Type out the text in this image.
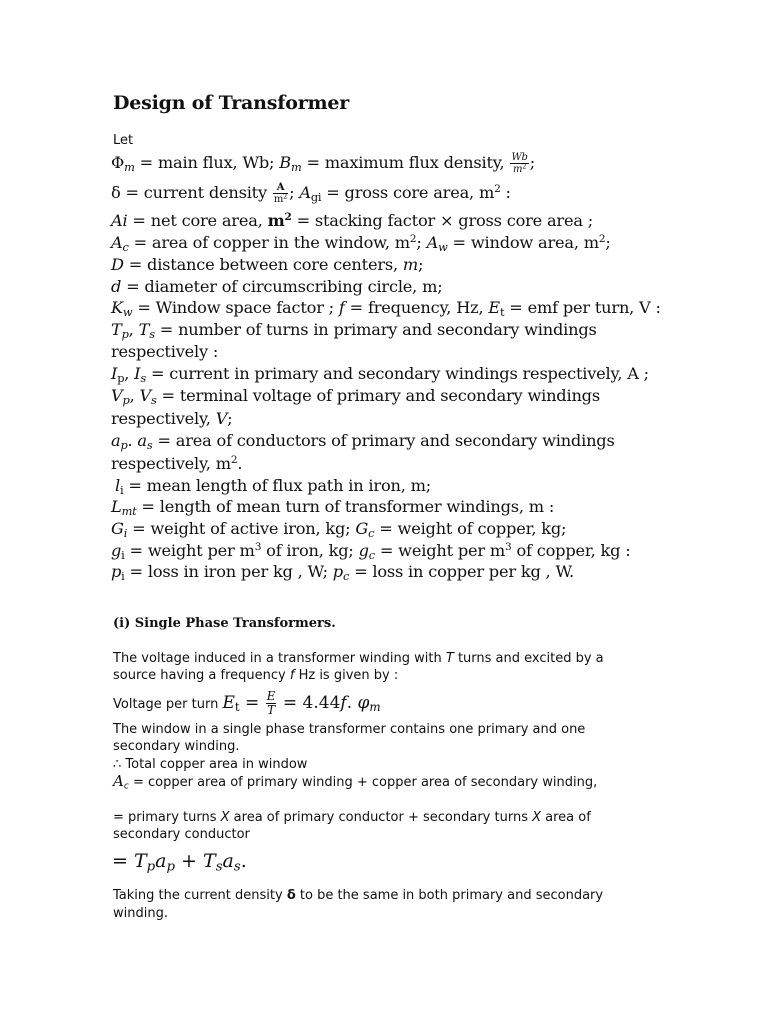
Design of Transformer
Let
$\Phi_m$ = main flux, Wb; $B_m$ = maximum flux density, $\frac{Wb}{m^2}$ ;
δ = current density $\frac{A}{m^2}$ ; $A_{gi}$ = gross core area, $m^2$ :
Ai = net core area, $m^2$ = stacking factor × gross core area ;
$A_c$ = area of copper in the window, $m^2$; $A_w$ = window area, $m^2$;
D = distance between core centers, m;
d = diameter of circumscribing circle, m;
$K_w$ = Window space factor ; f = frequency, Hz, $E_t$ = emf per turn, V :
$T_p$, $T_s$ = number of turns in primary and secondary windings
respectively :
$I_p$, $I_s$ = current in primary and secondary windings respectively, A ;
$V_p$, $V_s$ = terminal voltage of primary and secondary windings
respectively, V;
$a_p$. $a_s$ = area of conductors of primary and secondary windings
respectively, $m^2$.
$l_i$ = mean length of flux path in iron, m;
$L_{mt}$ = length of mean turn of transformer windings, m :
$G_i$ = weight of active iron, kg; $G_c$ = weight of copper, kg;
$g_i$ = weight per $m^3$ of iron, kg; $g_c$ = weight per $m^3$ of copper, kg :
$p_i$ = loss in iron per kg , W; $p_c$ = loss in copper per kg , W.
(i) Single Phase Transformers.
The voltage induced in a transformer winding with T turns and excited by a
source having a frequency f Hz is given by :
Voltage per turn $E_t = \frac{E}{T} = 4.44f$. $\varphi_m$
The window in a single phase transformer contains one primary and one
secondary winding.
∴ Total copper area in window
$A_c$ = copper area of primary winding + copper area of secondary winding,
= primary turns X area of primary conductor + secondary turns X area of
secondary conductor
= $T_pa_p + T_sa_s$.
Taking the current density δ to be the same in both primary and secondary
winding.
